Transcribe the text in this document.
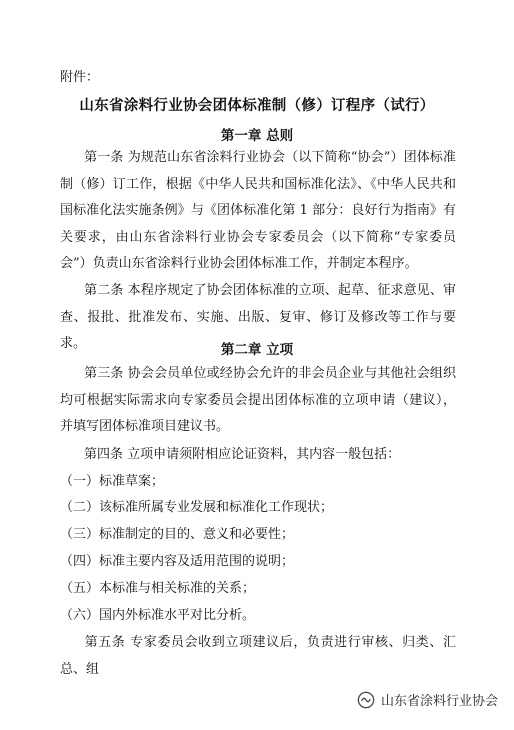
附件：
山东省涂料行业协会团体标准制（修）订程序（试行）
第一章 总则
第一条 为规范山东省涂料行业协会（以下简称“协会”）团体标准制（修）订工作，根据《中华人民共和国标准化法》、《中华人民共和国标准化法实施条例》与《团体标准化第 1 部分：良好行为指南》有关要求，由山东省涂料行业协会专家委员会（以下简称“专家委员会”）负责山东省涂料行业协会团体标准工作，并制定本程序。
第二条 本程序规定了协会团体标准的立项、起草、征求意见、审查、报批、批准发布、实施、出版、复审、修订及修改等工作与要求。	第二章 立项
第三条 协会会员单位或经协会允许的非会员企业与其他社会组织均可根据实际需求向专家委员会提出团体标准的立项申请（建议），并填写团体标准项目建议书。
第四条 立项申请须附相应论证资料，其内容一般包括：
（一）标准草案；
（二）该标准所属专业发展和标准化工作现状；
（三）标准制定的目的、意义和必要性；
（四）标准主要内容及适用范围的说明；
（五）本标准与相关标准的关系；
（六）国内外标准水平对比分析。
第五条 专家委员会收到立项建议后，负责进行审核、归类、汇总、组
山东省涂料行业协会
